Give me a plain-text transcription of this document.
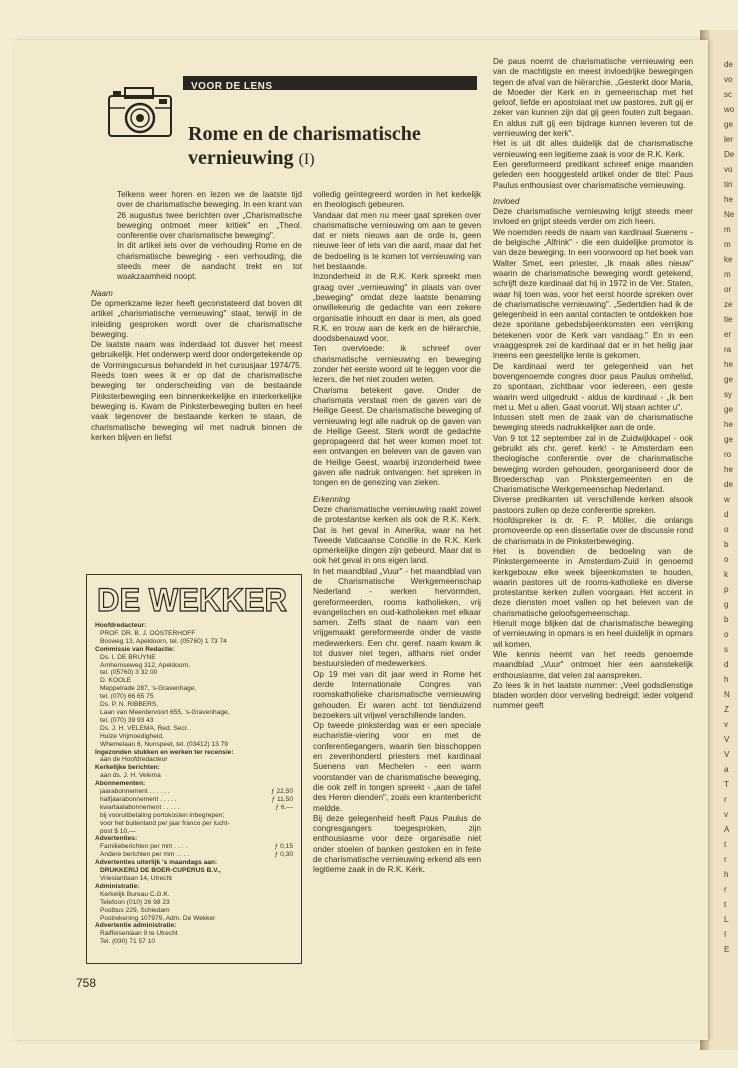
de
vo
sc
wo
ge
ler
De
vo
tin
he
Ne
m
m
ke
m
or
ze
tie
er
ra
he
ge
sy
ge
he
ge
ro
he
de
w
d
o
b
o
k
p
g
b
o
s
d
h
N
Z
v
V
V
a
T
r
v
A
t
r
h
r
t
L
I
E
VOOR DE LENS
Rome en de charismatische vernieuwing (I)

Telkens weer horen en lezen we de laatste tijd over de charismatische beweging. In een krant van 26 augustus twee berichten over „Charismatische beweging ontmoet meer kritiek" en „Theol. conferentie over charismatische beweging".

In dit artikel iets over de verhouding Rome en de charismatische beweging - een verhouding, die steeds meer de aandacht trekt en tot waakzaamheid noopt.

Naam

De opmerkzame lezer heeft geconstateerd dat boven dit artikel „charismatische vernieuwing" staat, terwijl in de inleiding gesproken wordt over de charismatische beweging.

De laatste naam was inderdaad tot dusver het meest gebruikelijk. Het onderwerp werd door ondergetekende op de Vormingscursus behandeld in het cursusjaar 1974/75. Reeds toen wees ik er op dat de charismatische beweging ter onderscheiding van de bestaande Pinksterbeweging een binnenkerkelijke en interkerkelijke beweging is. Kwam de Pinksterbeweging buiten en heel vaak tegenover de bestaande kerken te staan, de charismatische beweging wil met nadruk binnen de kerken blijven en liefst

volledig geïntegreerd worden in het kerkelijk en theologisch gebeuren.

Vandaar dat men nu meer gaat spreken over charismatische vernieuwing om aan te geven dat er niets nieuws aan de orde is, geen nieuwe leer of iets van die aard, maar dat het de bedoeling is te komen tot vernieuwing van het bestaande.

Inzonderheid in de R.K. Kerk spreekt men graag over „vernieuwing" in plaats van over „beweging" omdat deze laatste benaming onwillekeurig de gedachte van een zekere organisatie inhoudt en daar is men, als goed R.K. en trouw aan de kerk en de hiërarchie, doodsbenauwd voor.

Ten overvloede: ik schreef over charismatische vernieuwing en beweging zonder het eerste woord uit te leggen voor die lezers, die het niet zouden weten.

Charisma betekent gave. Onder de charismata verstaat men de gaven van de Heilige Geest. De charismatische beweging of vernieuwing legt alle nadruk op de gaven van de Heilige Geest. Sterk wordt de gedachte gepropageerd dat het weer komen moet tot een ontvangen en beleven van de gaven van de Heilige Geest, waarbij inzonderheid twee gaven alle nadruk ontvangen: het spreken in tongen en de genezing van zieken.

Erkenning

Deze charismatische vernieuwing raakt zowel de protestantse kerken als ook de R.K. Kerk. Dat is het geval in Amerika, waar na het Tweede Vaticaanse Concilie in de R.K. Kerk opmerkelijke dingen zijn gebeurd. Maar dat is ook het geval in ons eigen land.

In het maandblad „Vuur" - het maandblad van de Charismatische Werkgemeenschap Nederland - werken hervormden, gereformeerden, rooms katholieken, vrij evangelischen en oud-katholieken met elkaar samen. Zelfs staat de naam van een vrijgemaakt gereformeerde onder de vaste medewerkers. Een chr. geref. naam kwam ik tot dusver niet tegen, althans niet onder bestuursleden of medewerkers.

Op 19 mei van dit jaar werd in Rome het derde Internationale Congres van roomskatholieke charismatische vernieuwing gehouden. Er waren acht tot tienduizend bezoekers uit vrijwel verschillende landen.

Op tweede pinksterdag was er een speciale eucharistie-viering voor en met de conferentiegangers, waarin tien bisschoppen en zevenhonderd priesters met kardinaal Suenens van Mechelen - een warm voorstander van de charismatische beweging, die ook zelf in tongen spreekt - „aan de tafel des Heren dienden", zoals een krantenbericht meldde.

Bij deze gelegenheid heeft Paus Paulus de congresgangers toegesproken, zijn enthousiasme voor deze organisatie niet onder stoelen of banken gestoken en in feite de charismatische vernieuwing erkend als een legitieme zaak in de R.K. Kerk.

De paus noemt de charismatische vernieuwing een van de machtigste en meest invloedrijke bewegingen tegen de afval van de hiërarchie. „Gesterkt door Maria, de Moeder der Kerk en in gemeenschap met het geloof, liefde en apostolaat met uw pastores, zult gij er zeker van kunnen zijn dat gij geen fouten zult begaan. En aldus zult gij een bijdrage kunnen leveren tot de vernieuwing der kerk".

Het is uit dit alles duidelijk dat de charismatische vernieuwing een legitieme zaak is voor de R.K. Kerk.

Een gereformeerd predikant schreef enige maanden geleden een hooggesteld artikel onder de titel: Paus Paulus enthousiast over charismatische vernieuwing.

Invloed

Deze charismatische vernieuwing krijgt steeds meer invloed en grijpt steeds verder om zich heen.

We noemden reeds de naam van kardinaal Suenens - de belgische „Alfrink" - die een duidelijke promotor is van deze beweging. In een voorwoord op het boek van Walter Smet, een priester, „Ik maak alles nieuw" waarin de charismatische beweging wordt getekend, schrijft deze kardinaal dat hij in 1972 in de Ver. Staten, waar hij toen was, voor het eerst hoorde spreken over de charismatische vernieuwing". „Sedertdien had ik de gelegenheid in een aantal contacten te ontdekken hoe deze spontane gebedsbijeenkomsten een verrijking betekenen voor de Kerk van vandaag." En in een vraaggesprek zei de kardinaal dat er in het heilig jaar ineens een geestelijke lente is gekomen.

De kardinaal werd ter gelegenheid van het bovengenoemde congres door paus Paulus omhelsd, zo spontaan, zichtbaar voor iedereen, een geste waarin werd uitgedrukt - aldus de kardinaal - „Ik ben met u. Met u allen. Gaat vooruit. Wij staan achter u".

Intussen stelt men de zaak van de charismatische beweging steeds nadrukkelijker aan de orde.

Van 9 tot 12 september zal in de Zuidwijkkapel - ook gebruikt als chr. geref. kerk! - te Amsterdam een theologische conferentie over de charismatische beweging worden gehouden, georganiseerd door de Broederschap van Pinkstergemeenten en de Charismatische Werkgemeenschap Nederland.

Diverse predikanten uit verschillende kerken alsook pastoors zullen op deze conferentie spreken.

Hoofdspreker is dr. F. P. Möller, die onlangs promoveerde op een dissertatie over de discussie rond de charismata in de Pinksterbeweging.

Het is bovendien de bedoeling van de Pinkstergemeente in Amsterdam-Zuid in genoemd kerkgebouw elke week bijeenkomsten te houden, waarin pastores uit de rooms-katholieke en diverse protestantse kerken zullen voorgaan. Het accent in deze diensten moet vallen op het beleven van de charismatische geloofsgemeenschap.

Hieruit moge blijken dat de charismatische beweging of vernieuwing in opmars is en heel duidelijk in opmars wil komen.

Wie kennis neemt van het reeds genoemde maandblad „Vuur" ontmoet hier een aanstekelijk enthousiasme, dat velen zal aanspreken.

Zo lees ik in het laatste nummer: „Veel godsdienstige bladen worden door verveling bedreigd; ieder volgend nummer geeft

DE WEKKER
Hoofdredacteur:
PROF. DR. B. J. OOSTERHOFF
Bosweg 13, Apeldoorn, tel. (05760) 1 73 74
Commissie van Redactie:
Ds. I. DE BRUYNE
Arnhemseweg 312, Apeldoorn,
tel. (05760) 3 32 00
D. KOOLE
Meppelrade 287, 's-Gravenhage,
tel. (070) 66 65 75
Ds. P. N. RIBBERS,
Laan van Meerdervoort 655, 's-Gravenhage,
tel. (070) 39 93 43
Ds. J. H. VELEMA, Red. Secr.
Huize Vrijmoedigheid,
Whemelaan 6, Nunspeet, tel. (03412) 13 79
Ingezonden stukken en werken ter recensie:
aan de Hoofdredacteur
Kerkelijke berichten:
aan ds. J. H. Velema
Abonnementen:
jaarabonnement . . . . . .	ƒ 22,50
halfjaarabonnement . . . . .	ƒ 11,50
kwartaalabonnement . . . . .	ƒ 6,—
bij vooruitbetaling portokosten inbegrepen;
voor het buitenland per jaar franco per lucht-
post $ 10,—
Advertenties:
Familieberichten per mm . . . .	ƒ 0,15
Andere berichten per mm . . . .	ƒ 0,30
Advertenties uiterlijk 's maandags aan:
DRUKKERIJ DE BOER-CUPERUS B.V.,
Vrieslantlaan 14, Utrecht
Administratie:
Kerkelijk Bureau C.G.K.
Telefoon (010) 26 98 23
Postbus 229, Schiedam
Postrekening 107979, Adm. De Wekker
Advertentie administratie:
Raiffeisenlaan 9 te Utrecht
Tel. (030) 71 57 10
758
